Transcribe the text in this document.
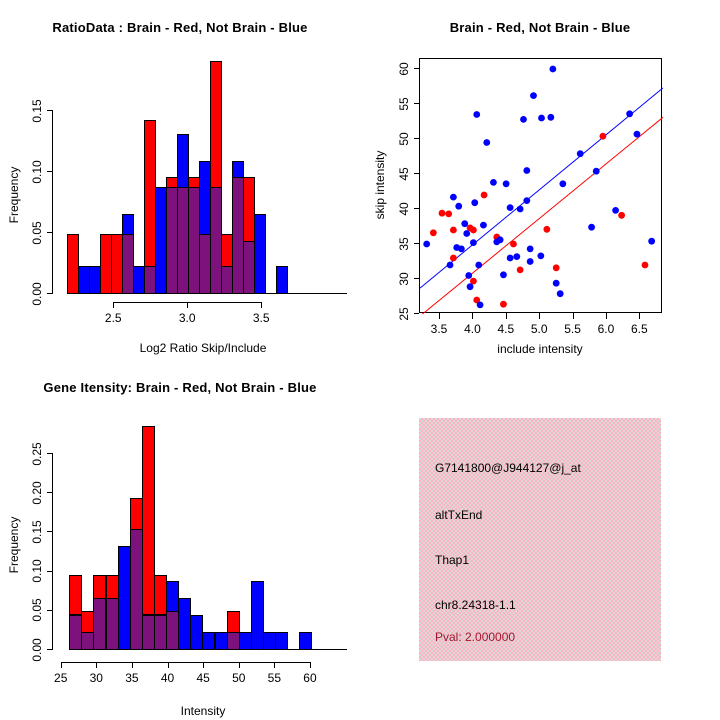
RatioData : Brain - Red, Not Brain - Blue
Frequency
Log2 Ratio Skip/Include
0.00
0.05
0.10
0.15
2.5	3.0	3.5
Brain - Red, Not Brain - Blue
skip intensity
include intensity
3.5 4.0 4.5 5.0 5.5 6.0 6.5
25
30
35
40
45
50
55
60
Gene Itensity: Brain - Red, Not Brain - Blue
Frequency
Intensity
0.00
0.05
0.10
0.15
0.20
0.25
25 30 35 40 45 50 55 60
G7141800@J944127@j_at
altTxEnd
Thap1
chr8.24318-1.1
Pval: 2.000000
